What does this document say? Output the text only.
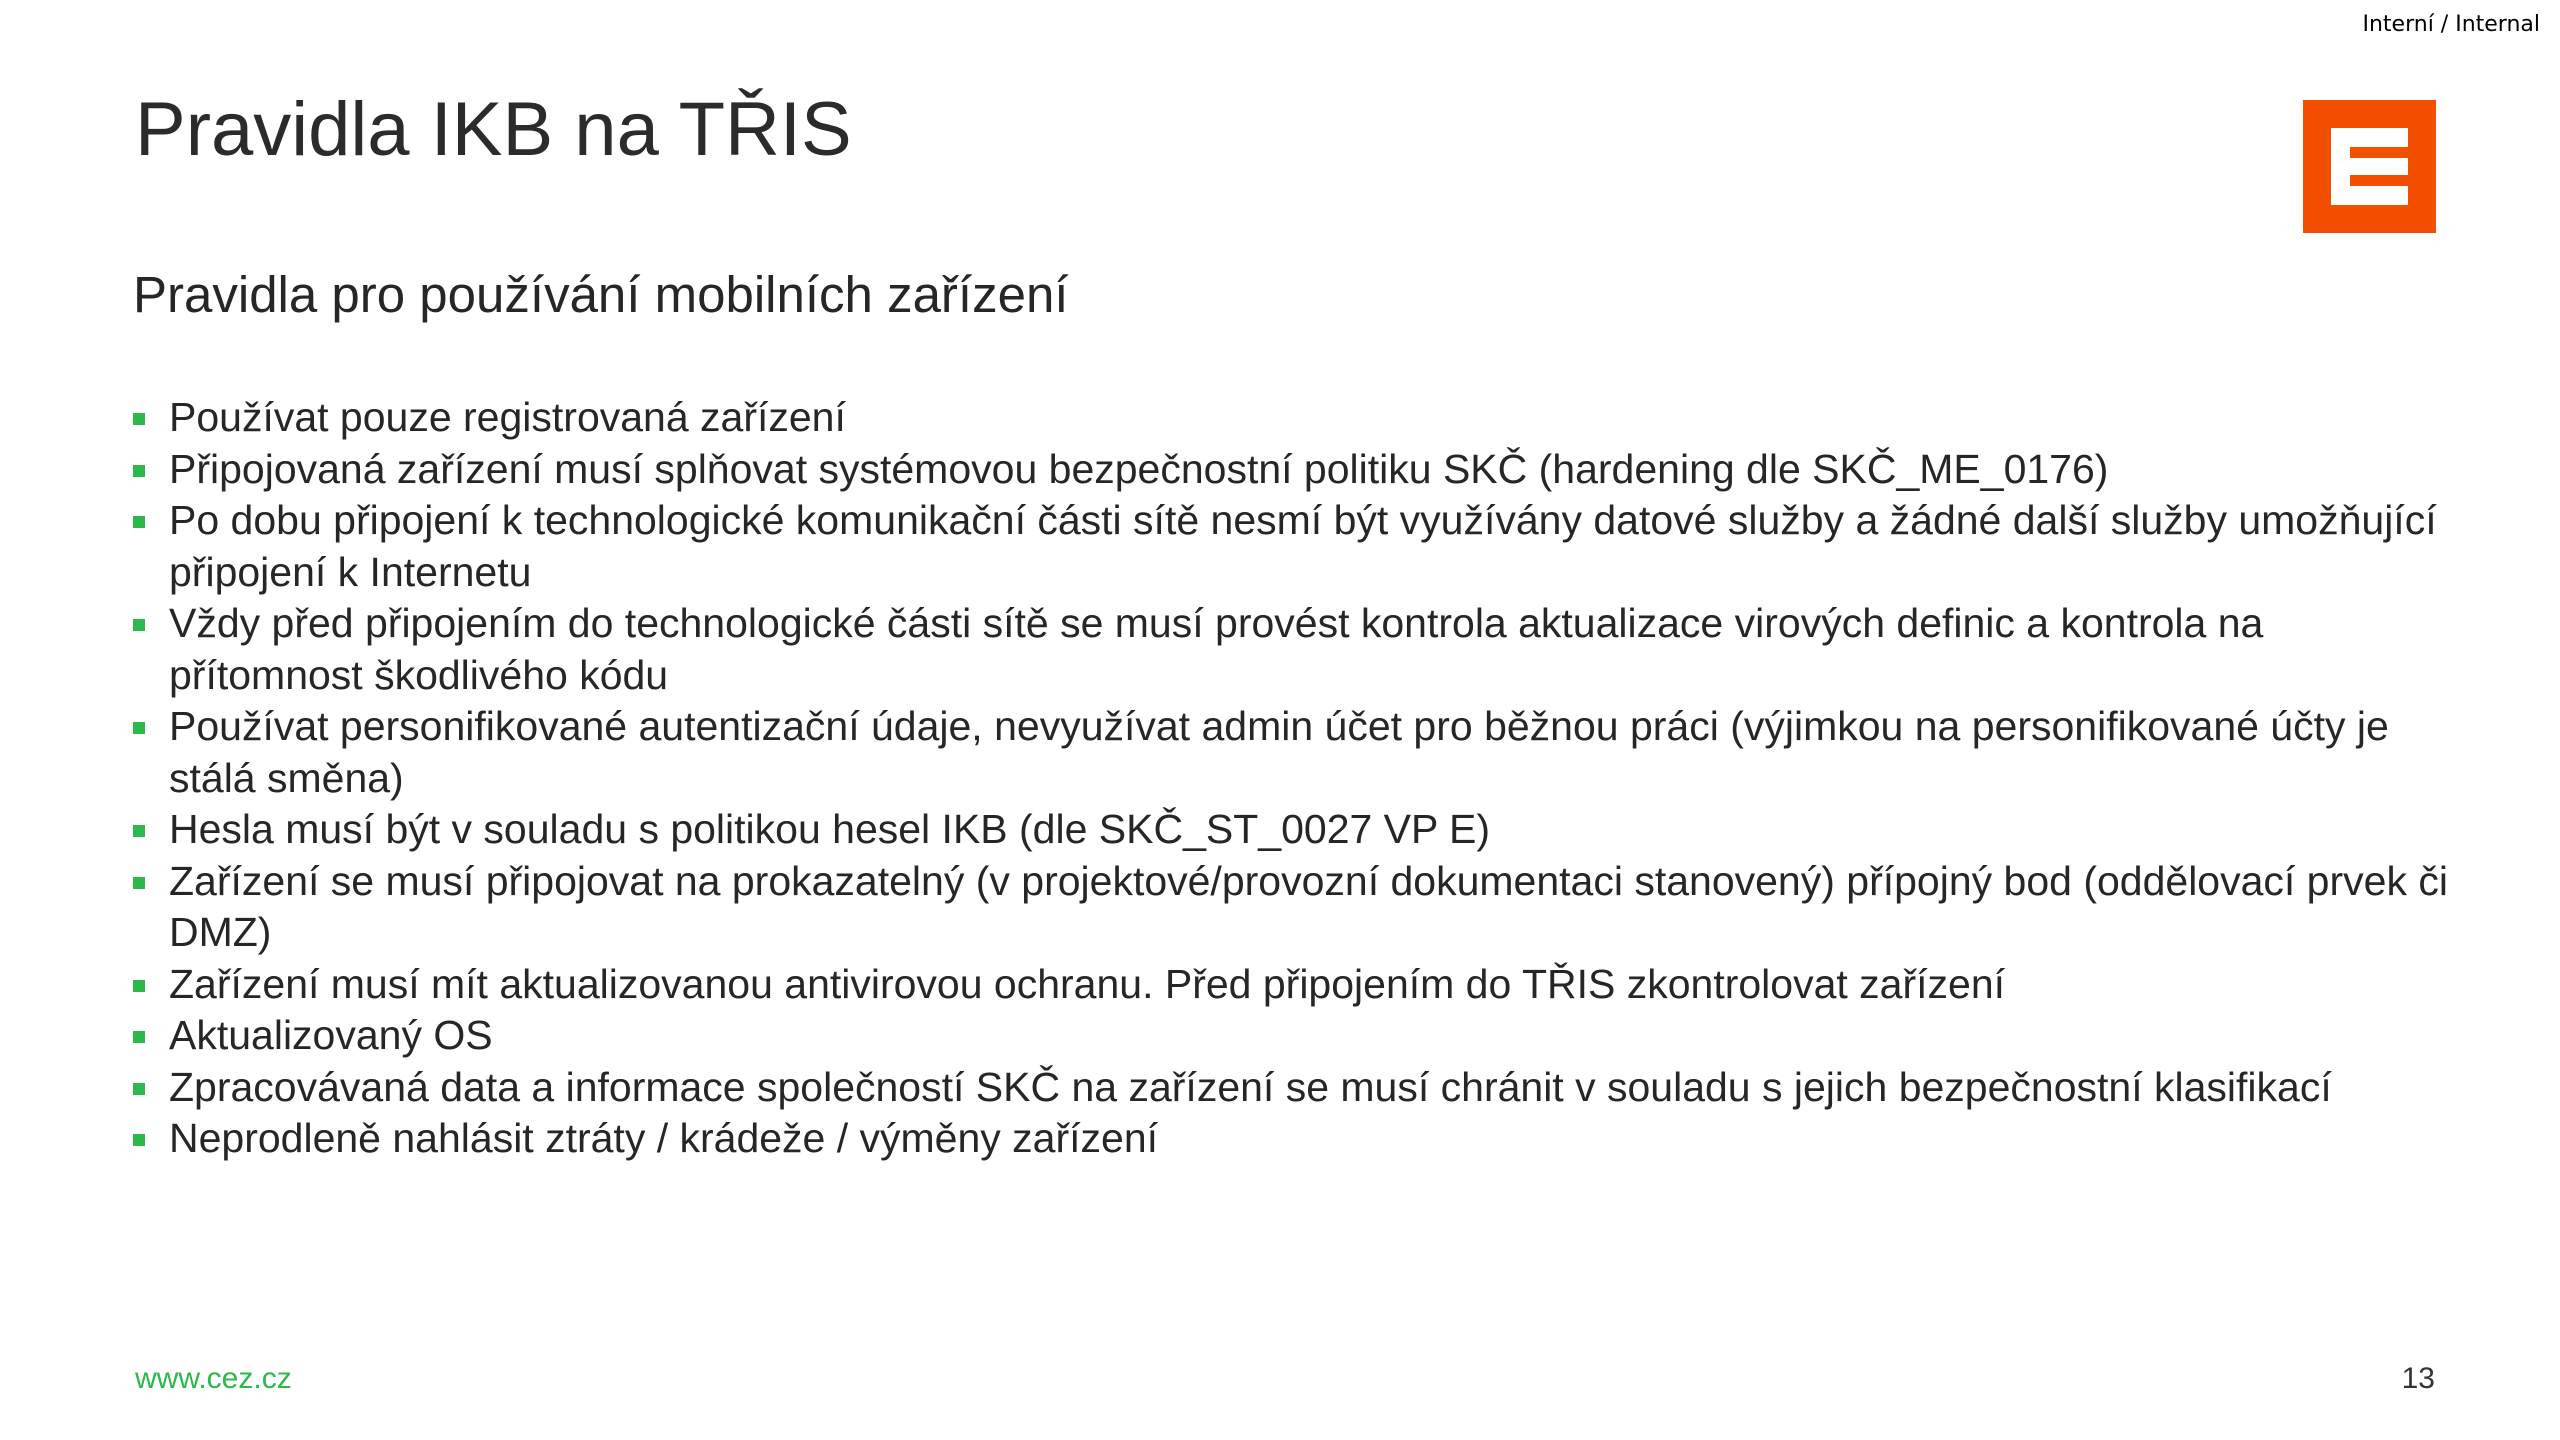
Interní / Internal
Pravidla IKB na TŘIS
Pravidla pro používání mobilních zařízení
Používat pouze registrovaná zařízení
Připojovaná zařízení musí splňovat systémovou bezpečnostní politiku SKČ (hardening dle SKČ_ME_0176)
Po dobu připojení k technologické komunikační části sítě nesmí být využívány datové služby a žádné další služby umožňující připojení k Internetu
Vždy před připojením do technologické části sítě se musí provést kontrola aktualizace virových definic a kontrola na přítomnost škodlivého kódu
Používat personifikované autentizační údaje, nevyužívat admin účet pro běžnou práci (výjimkou na personifikované účty je stálá směna)
Hesla musí být v souladu s politikou hesel IKB (dle SKČ_ST_0027 VP E)
Zařízení se musí připojovat na prokazatelný (v projektové/provozní dokumentaci stanovený) přípojný bod (oddělovací prvek či DMZ)
Zařízení musí mít aktualizovanou antivirovou ochranu. Před připojením do TŘIS zkontrolovat zařízení
Aktualizovaný OS
Zpracovávaná data a informace společností SKČ na zařízení se musí chránit v souladu s jejich bezpečnostní klasifikací
Neprodleně nahlásit ztráty / krádeže / výměny zařízení
www.cez.cz	13
